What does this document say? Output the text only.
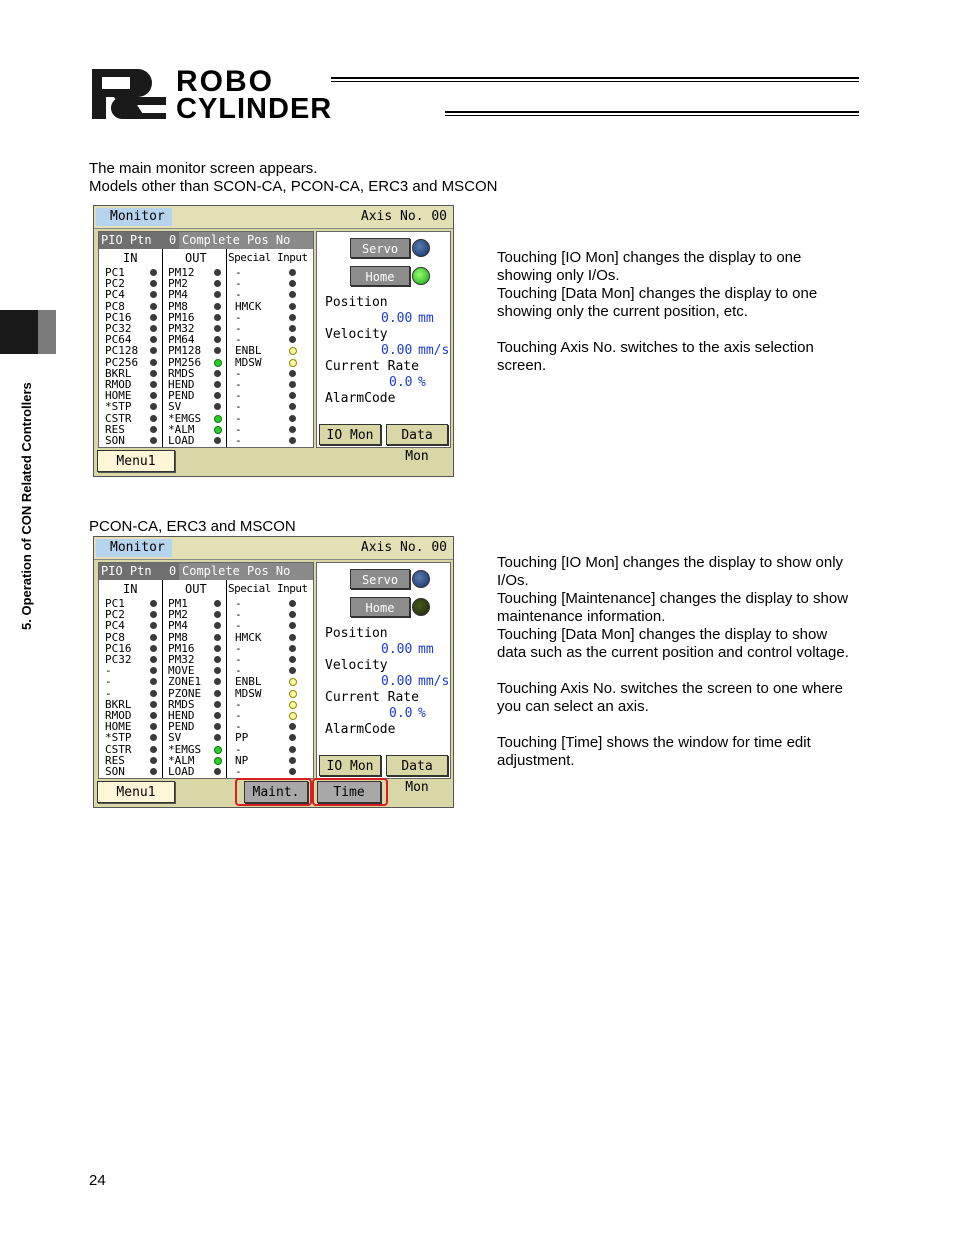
ROBO
CYLINDER
5. Operation of CON Related Controllers

The main monitor screen appears.

Models other than SCON-CA, PCON-CA, ERC3 and MSCON

Monitor	Axis No. 00
PIO Ptn 0 Complete Pos No
IN	OUT Special Input
PC1	PM12	-
PC2	PM2	-
PC4	PM4	-
PC8	PM8	HMCK
PC16	PM16	-
PC32	PM32	-
PC64	PM64	-
PC128	PM128	ENBL
PC256	PM256	MDSW
BKRL	RMDS	-
RMOD	HEND	-
HOME	PEND	-
*STP	SV	-
CSTR	*EMGS	-
RES	*ALM	-
SON	LOAD	-
Servo
Home
Position
0.00 mm
Velocity
0.00 mm/s
Current Rate
0.0 %
AlarmCode
IO Mon	Data Mon
Menu1

Touching [IO Mon] changes the display to one

showing only I/Os.

Touching [Data Mon] changes the display to one

showing only the current position, etc.

Touching Axis No. switches to the axis selection

screen.

PCON-CA, ERC3 and MSCON
Monitor	Axis No. 00
PIO Ptn 0 Complete Pos No
IN	OUT Special Input
PC1	PM1	-
PC2	PM2	-
PC4	PM4	-
PC8	PM8	HMCK
PC16	PM16	-
PC32	PM32	-
-	MOVE	-
-	ZONE1	ENBL
-	PZONE	MDSW
BKRL	RMDS	-
RMOD	HEND	-
HOME	PEND	-
*STP	SV	PP
CSTR	*EMGS	-
RES	*ALM	NP
SON	LOAD	-
Servo
Home
Position
0.00 mm
Velocity
0.00 mm/s
Current Rate
0.0 %
AlarmCode
IO Mon	Data Mon
Menu1	Maint.	Time

Touching [IO Mon] changes the display to show only

I/Os.

Touching [Maintenance] changes the display to show

maintenance information.

Touching [Data Mon] changes the display to show

data such as the current position and control voltage.

Touching Axis No. switches the screen to one where

you can select an axis.

Touching [Time] shows the window for time edit

adjustment.

24
